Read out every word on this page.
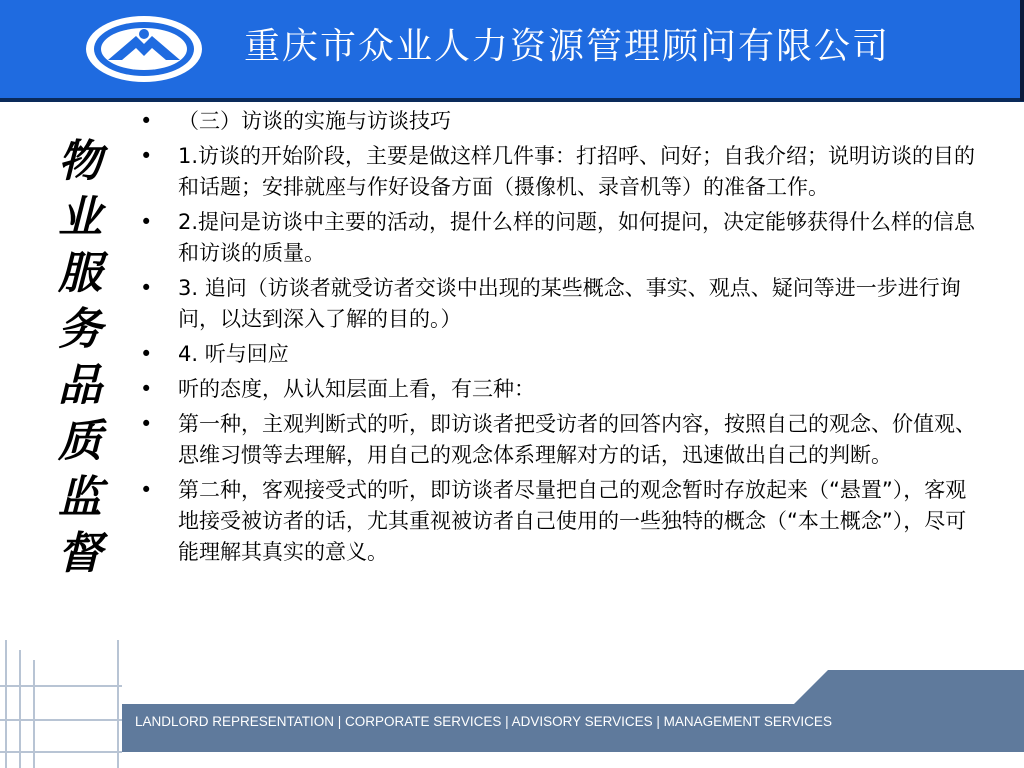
重庆市众业人力资源管理顾问有限公司
物
业
服
务
品
质
监
督
• （三）访谈的实施与访谈技巧
• 1.访谈的开始阶段，主要是做这样几件事：打招呼、问好；自我介绍；说明访谈的目的和话题；安排就座与作好设备方面（摄像机、录音机等）的准备工作。
• 2.提问是访谈中主要的活动，提什么样的问题，如何提问，决定能够获得什么样的信息和访谈的质量。
• 3. 追问（访谈者就受访者交谈中出现的某些概念、事实、观点、疑问等进一步进行询问，以达到深入了解的目的。）
• 4. 听与回应
• 听的态度，从认知层面上看，有三种：
• 第一种，主观判断式的听，即访谈者把受访者的回答内容，按照自己的观念、价值观、思维习惯等去理解，用自己的观念体系理解对方的话，迅速做出自己的判断。
• 第二种，客观接受式的听，即访谈者尽量把自己的观念暂时存放起来（“悬置”），客观地接受被访者的话，尤其重视被访者自己使用的一些独特的概念（“本土概念”），尽可能理解其真实的意义。
LANDLORD REPRESENTATION | CORPORATE SERVICES | ADVISORY SERVICES | MANAGEMENT SERVICES
